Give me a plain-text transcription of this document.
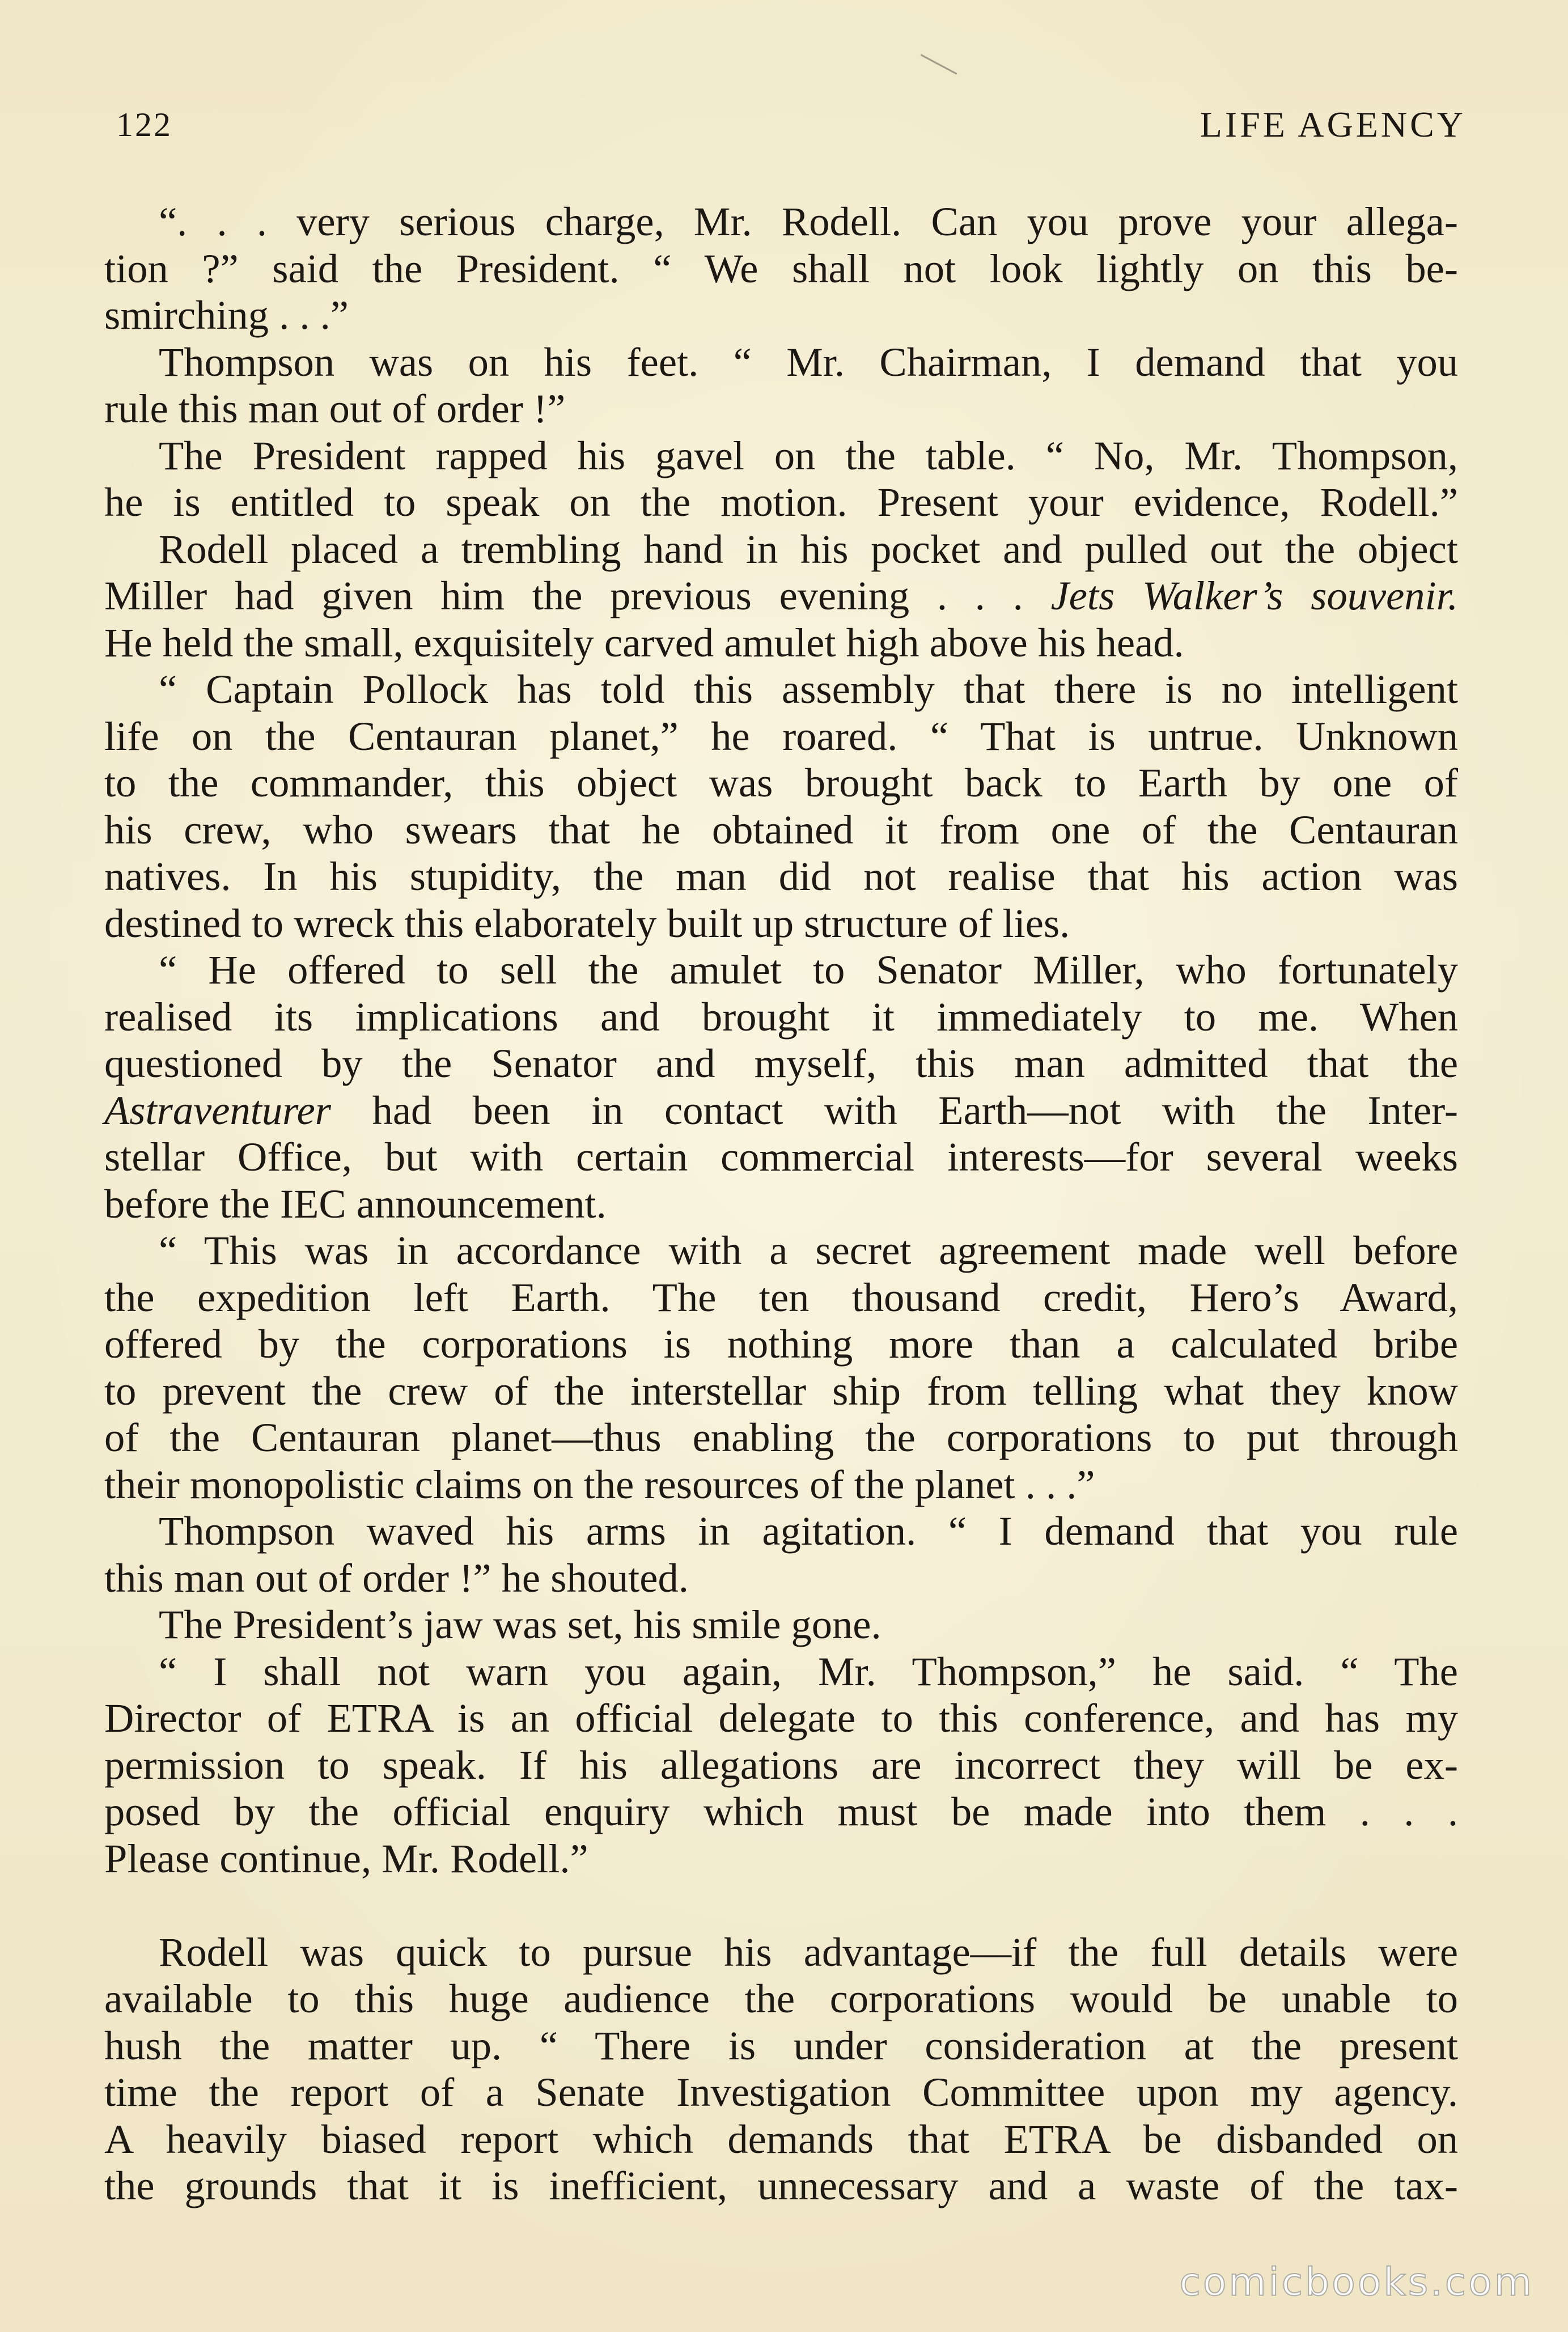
122	LIFE AGENCY
“. . . very serious charge, Mr. Rodell. Can you prove your allega-
tion ?” said the President. “ We shall not look lightly on this be-
smirching . . .”
Thompson was on his feet. “ Mr. Chairman, I demand that you
rule this man out of order !”
The President rapped his gavel on the table. “ No, Mr. Thompson,
he is entitled to speak on the motion. Present your evidence, Rodell.”
Rodell placed a trembling hand in his pocket and pulled out the object
Miller had given him the previous evening . . . Jets Walker’s souvenir.
He held the small, exquisitely carved amulet high above his head.
“ Captain Pollock has told this assembly that there is no intelligent
life on the Centauran planet,” he roared. “ That is untrue. Unknown
to the commander, this object was brought back to Earth by one of
his crew, who swears that he obtained it from one of the Centauran
natives. In his stupidity, the man did not realise that his action was
destined to wreck this elaborately built up structure of lies.
“ He offered to sell the amulet to Senator Miller, who fortunately
realised its implications and brought it immediately to me. When
questioned by the Senator and myself, this man admitted that the
Astraventurer had been in contact with Earth—not with the Inter-
stellar Office, but with certain commercial interests—for several weeks
before the IEC announcement.
“ This was in accordance with a secret agreement made well before
the expedition left Earth. The ten thousand credit, Hero’s Award,
offered by the corporations is nothing more than a calculated bribe
to prevent the crew of the interstellar ship from telling what they know
of the Centauran planet—thus enabling the corporations to put through
their monopolistic claims on the resources of the planet . . .”
Thompson waved his arms in agitation. “ I demand that you rule
this man out of order !” he shouted.
The President’s jaw was set, his smile gone.
“ I shall not warn you again, Mr. Thompson,” he said. “ The
Director of ETRA is an official delegate to this conference, and has my
permission to speak. If his allegations are incorrect they will be ex-
posed by the official enquiry which must be made into them . . .
Please continue, Mr. Rodell.”
Rodell was quick to pursue his advantage—if the full details were
available to this huge audience the corporations would be unable to
hush the matter up. “ There is under consideration at the present
time the report of a Senate Investigation Committee upon my agency.
A heavily biased report which demands that ETRA be disbanded on
the grounds that it is inefficient, unnecessary and a waste of the tax-
comicbooks.com
